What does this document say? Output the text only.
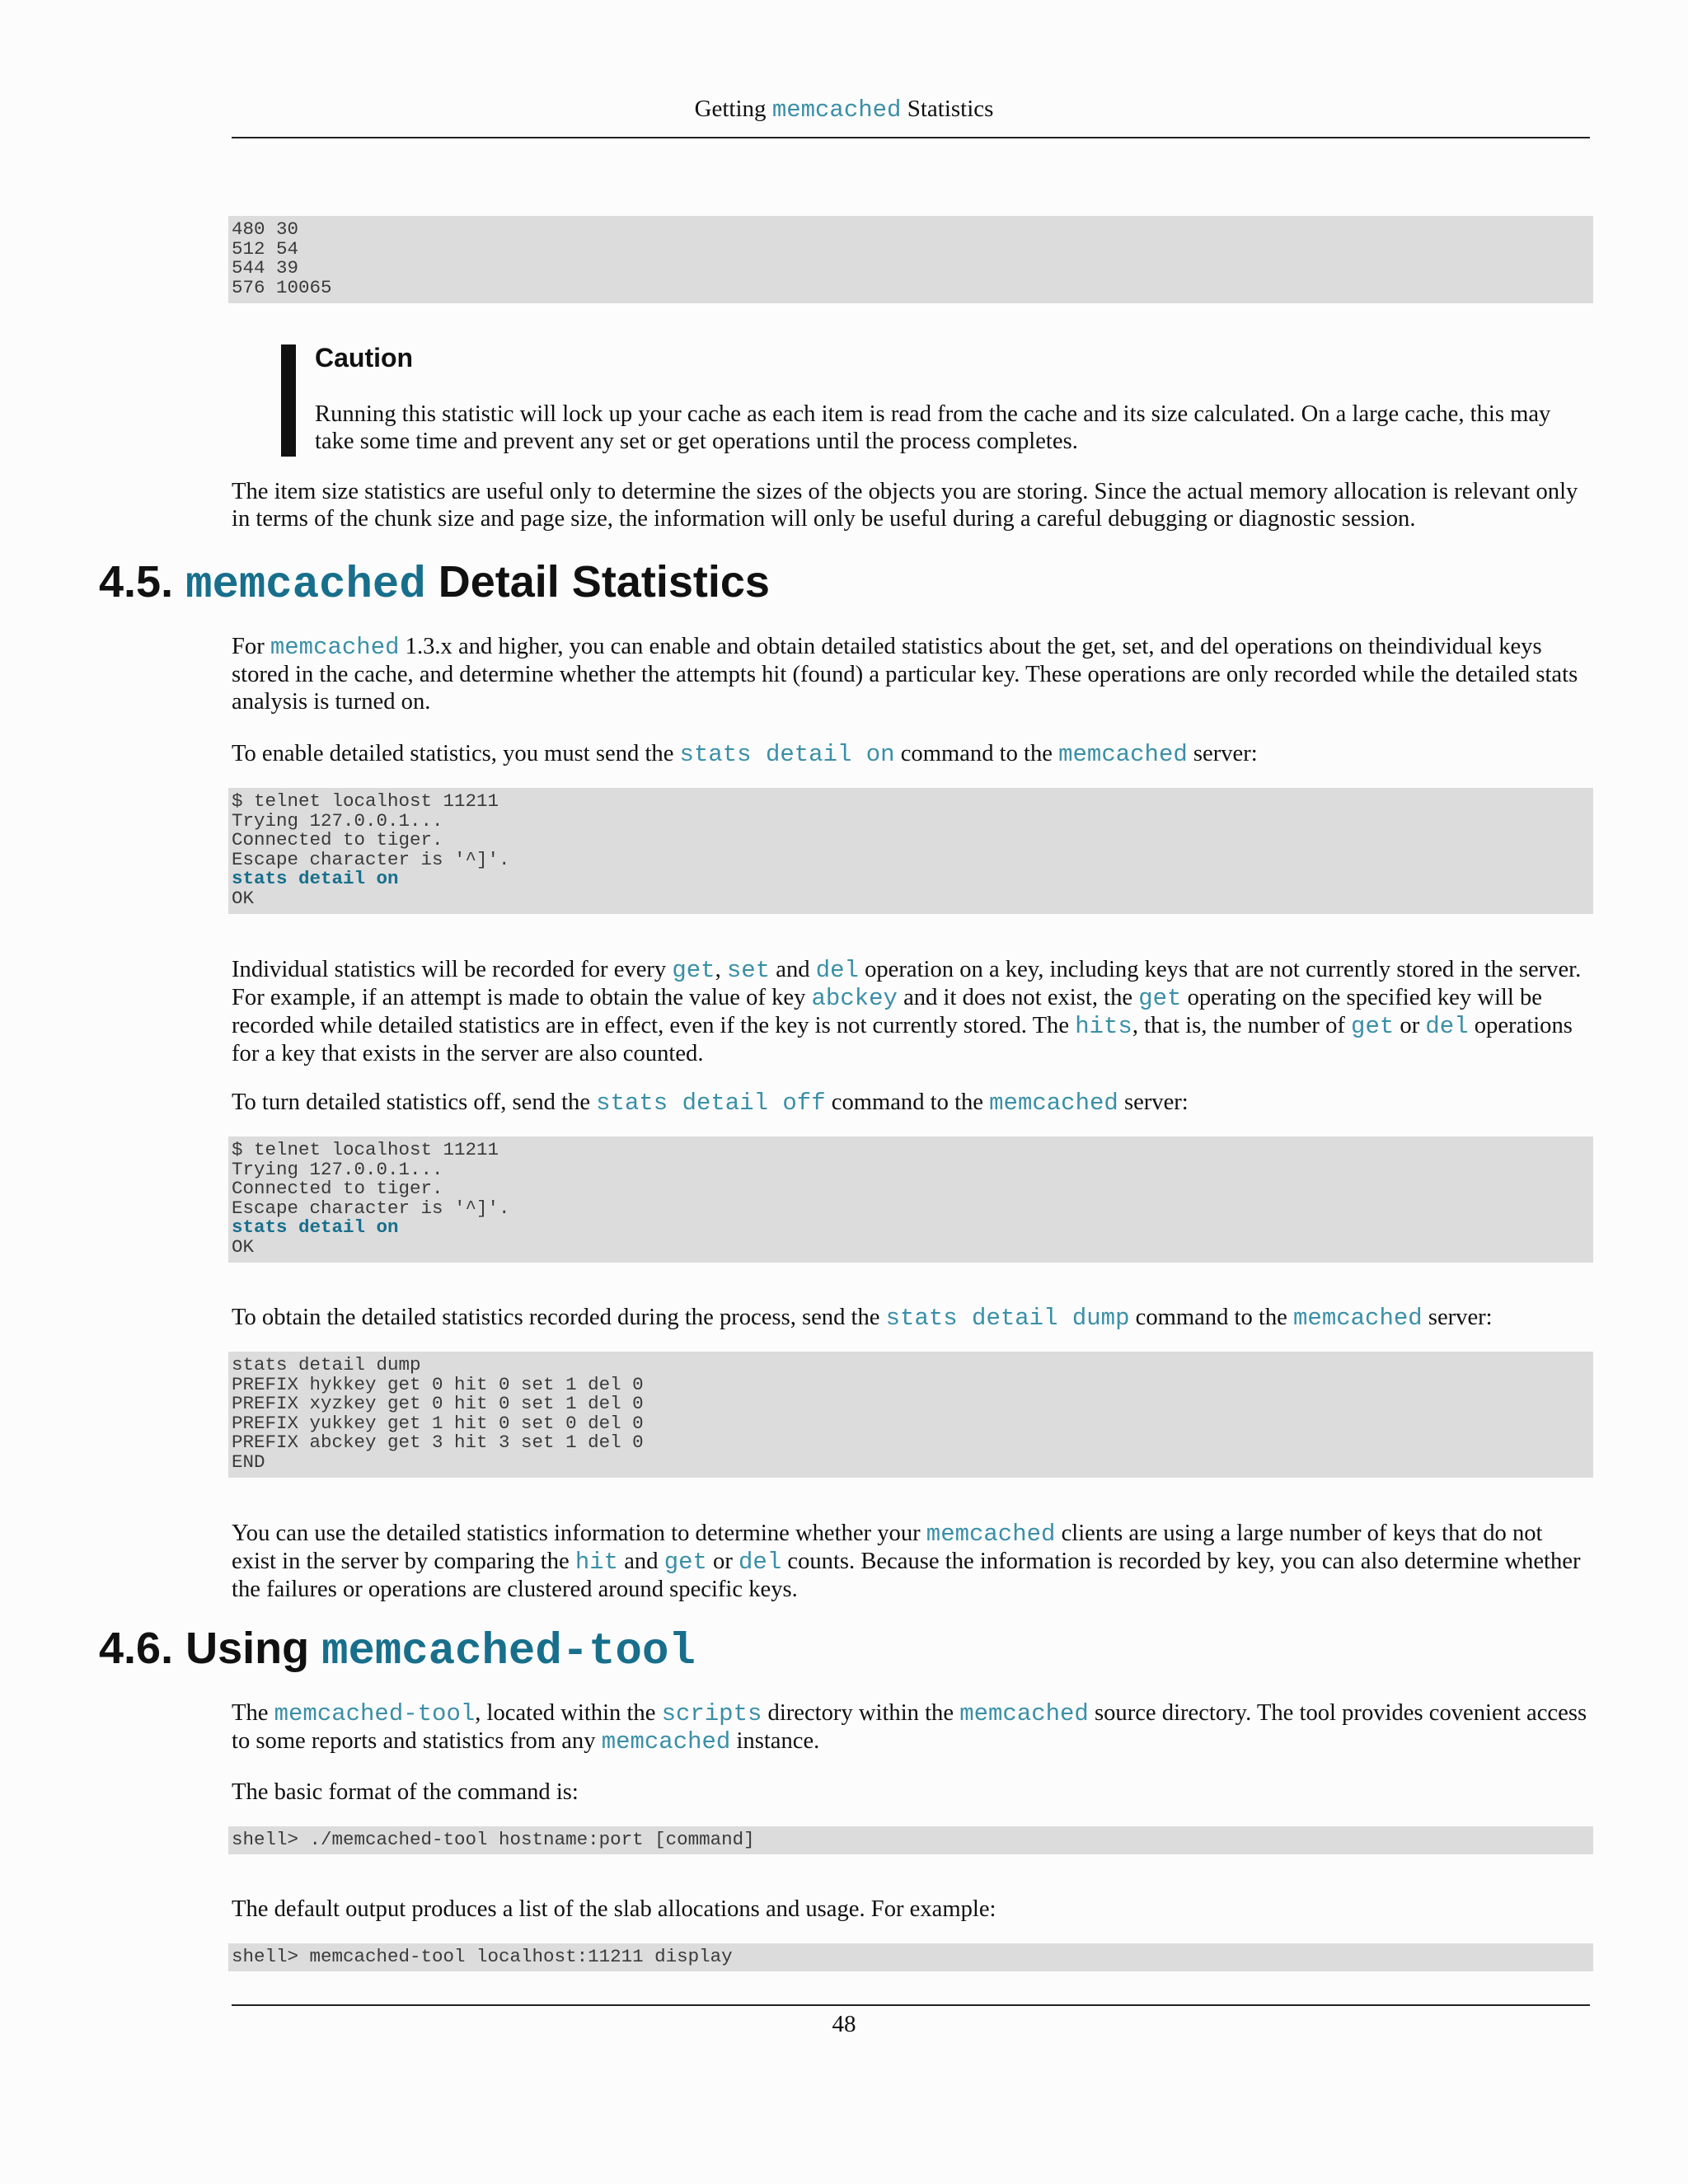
Getting memcached Statistics
480 30
512 54
544 39
576 10065
Caution

Running this statistic will lock up your cache as each item is read from the cache and its size calculated. On a large cache, this may take some time and prevent any set or get operations until the process completes.

The item size statistics are useful only to determine the sizes of the objects you are storing. Since the actual memory allocation is relevant only in terms of the chunk size and page size, the information will only be useful during a careful debugging or diagnostic session.

4.5. memcached Detail Statistics

For memcached 1.3.x and higher, you can enable and obtain detailed statistics about the get, set, and del operations on theindividual keys stored in the cache, and determine whether the attempts hit (found) a particular key. These operations are only recorded while the detailed stats analysis is turned on.

To enable detailed statistics, you must send the stats detail on command to the memcached server:

$ telnet localhost 11211
Trying 127.0.0.1...
Connected to tiger.
Escape character is '^]'.
stats detail on
OK

Individual statistics will be recorded for every get, set and del operation on a key, including keys that are not currently stored in the server. For example, if an attempt is made to obtain the value of key abckey and it does not exist, the get operating on the specified key will be recorded while detailed statistics are in effect, even if the key is not currently stored. The hits, that is, the number of get or del operations for a key that exists in the server are also counted.

To turn detailed statistics off, send the stats detail off command to the memcached server:

$ telnet localhost 11211
Trying 127.0.0.1...
Connected to tiger.
Escape character is '^]'.
stats detail on
OK

To obtain the detailed statistics recorded during the process, send the stats detail dump command to the memcached server:

stats detail dump
PREFIX hykkey get 0 hit 0 set 1 del 0
PREFIX xyzkey get 0 hit 0 set 1 del 0
PREFIX yukkey get 1 hit 0 set 0 del 0
PREFIX abckey get 3 hit 3 set 1 del 0
END

You can use the detailed statistics information to determine whether your memcached clients are using a large number of keys that do not exist in the server by comparing the hit and get or del counts. Because the information is recorded by key, you can also determine whether the failures or operations are clustered around specific keys.

4.6. Using memcached-tool

The memcached-tool, located within the scripts directory within the memcached source directory. The tool provides covenient access to some reports and statistics from any memcached instance.

The basic format of the command is:

shell> ./memcached-tool hostname:port [command]

The default output produces a list of the slab allocations and usage. For example:

shell> memcached-tool localhost:11211 display
48
